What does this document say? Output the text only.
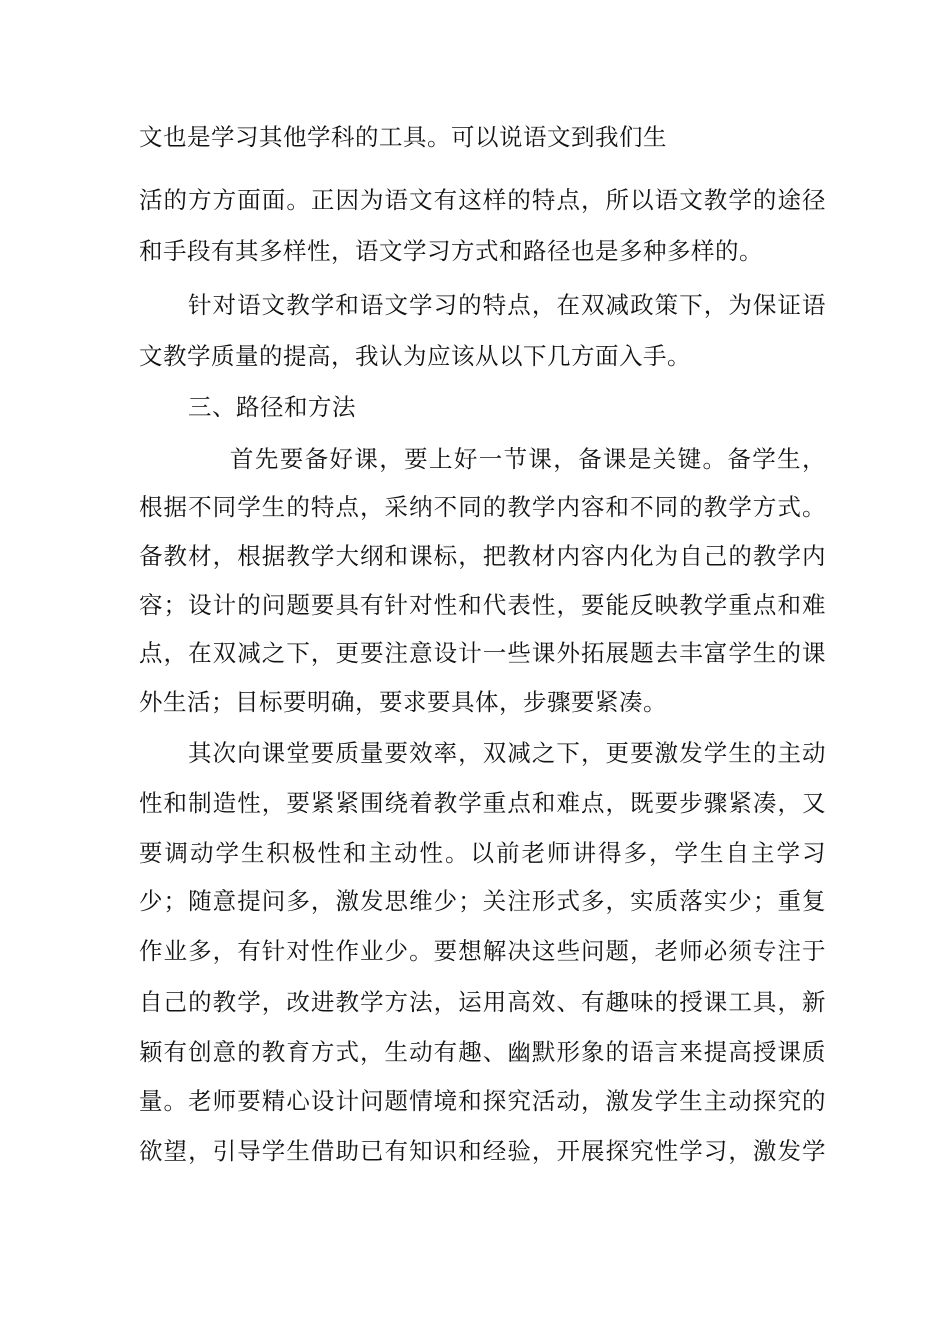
文也是学习其他学科的工具。可以说语文到我们生
活的方方面面。正因为语文有这样的特点，所以语文教学的途径
和手段有其多样性，语文学习方式和路径也是多种多样的。
针对语文教学和语文学习的特点，在双减政策下，为保证语
文教学质量的提高，我认为应该从以下几方面入手。
三、路径和方法
首先要备好课，要上好一节课，备课是关键。备学生，
根据不同学生的特点，采纳不同的教学内容和不同的教学方式。
备教材，根据教学大纲和课标，把教材内容内化为自己的教学内
容；设计的问题要具有针对性和代表性，要能反映教学重点和难
点，在双减之下，更要注意设计一些课外拓展题去丰富学生的课
外生活；目标要明确，要求要具体，步骤要紧凑。
其次向课堂要质量要效率，双减之下，更要激发学生的主动
性和制造性，要紧紧围绕着教学重点和难点，既要步骤紧凑，又
要调动学生积极性和主动性。以前老师讲得多，学生自主学习
少；随意提问多，激发思维少；关注形式多，实质落实少；重复
作业多，有针对性作业少。要想解决这些问题，老师必须专注于
自己的教学，改进教学方法，运用高效、有趣味的授课工具，新
颖有创意的教育方式，生动有趣、幽默形象的语言来提高授课质
量。老师要精心设计问题情境和探究活动，激发学生主动探究的
欲望，引导学生借助已有知识和经验，开展探究性学习，激发学
